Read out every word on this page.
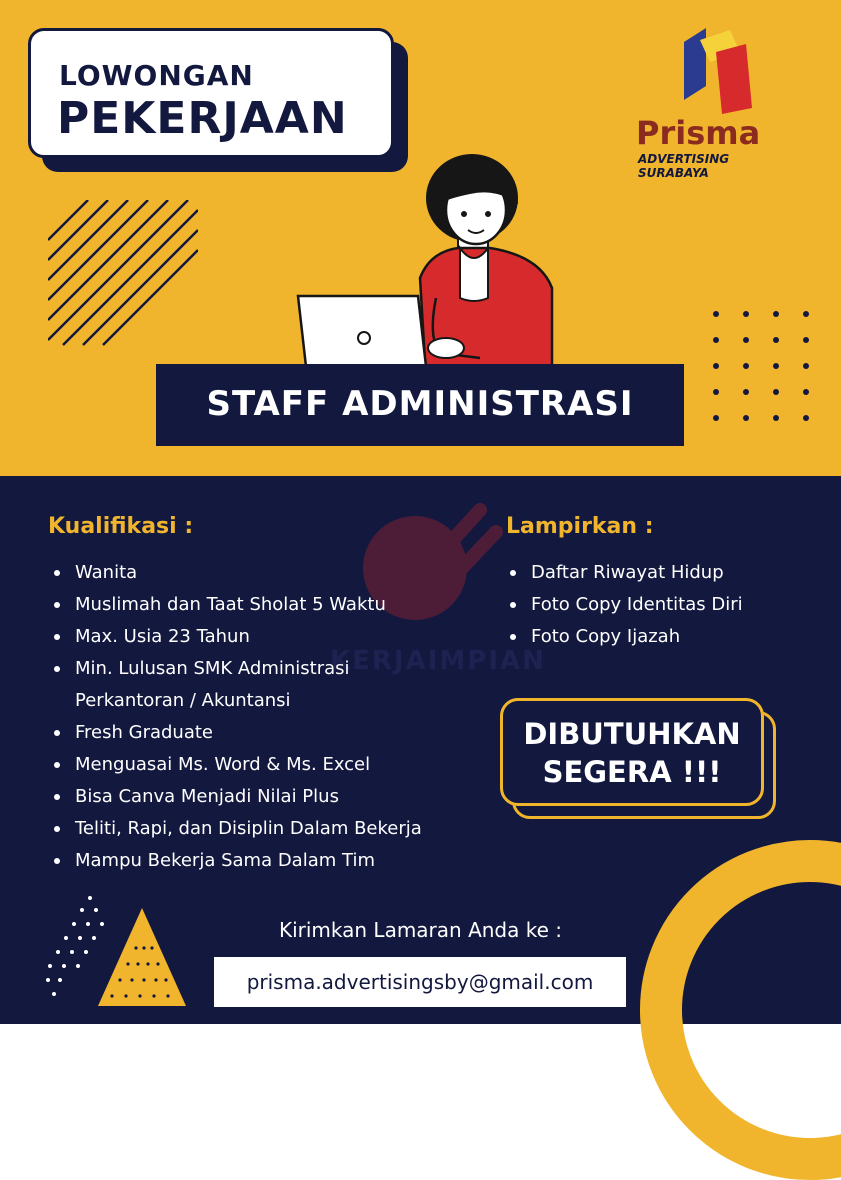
LOWONGAN
PEKERJAAN	Prisma
ADVERTISING SURABAYA
STAFF ADMINISTRASI
KERJAIMPIAN
Kualifikasi :
Wanita
Muslimah dan Taat Sholat 5 Waktu
Max. Usia 23 Tahun
Min. Lulusan SMK Administrasi Perkantoran / Akuntansi
Fresh Graduate
Menguasai Ms. Word & Ms. Excel
Bisa Canva Menjadi Nilai Plus
Teliti, Rapi, dan Disiplin Dalam Bekerja
Mampu Bekerja Sama Dalam Tim
Lampirkan :
Daftar Riwayat Hidup
Foto Copy Identitas Diri
Foto Copy Ijazah
DIBUTUHKAN
SEGERA !!!
Kirimkan Lamaran Anda ke :
prisma.advertisingsby@gmail.com
